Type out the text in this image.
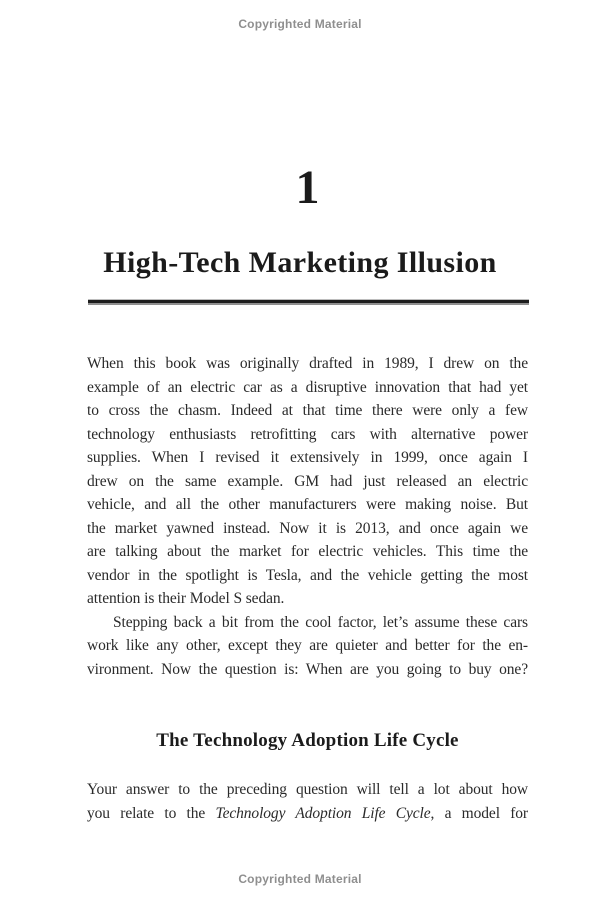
Copyrighted Material
1
High-Tech Marketing Illusion
When this book was originally drafted in 1989, I drew on the
example of an electric car as a disruptive innovation that had yet
to cross the chasm. Indeed at that time there were only a few
technology enthusiasts retrofitting cars with alternative power
supplies. When I revised it extensively in 1999, once again I
drew on the same example. GM had just released an electric
vehicle, and all the other manufacturers were making noise. But
the market yawned instead. Now it is 2013, and once again we
are talking about the market for electric vehicles. This time the
vendor in the spotlight is Tesla, and the vehicle getting the most
attention is their Model S sedan.
Stepping back a bit from the cool factor, let’s assume these cars
work like any other, except they are quieter and better for the en-
vironment. Now the question is: When are you going to buy one?
The Technology Adoption Life Cycle
Your answer to the preceding question will tell a lot about how
you relate to the Technology Adoption Life Cycle, a model for
Copyrighted Material
